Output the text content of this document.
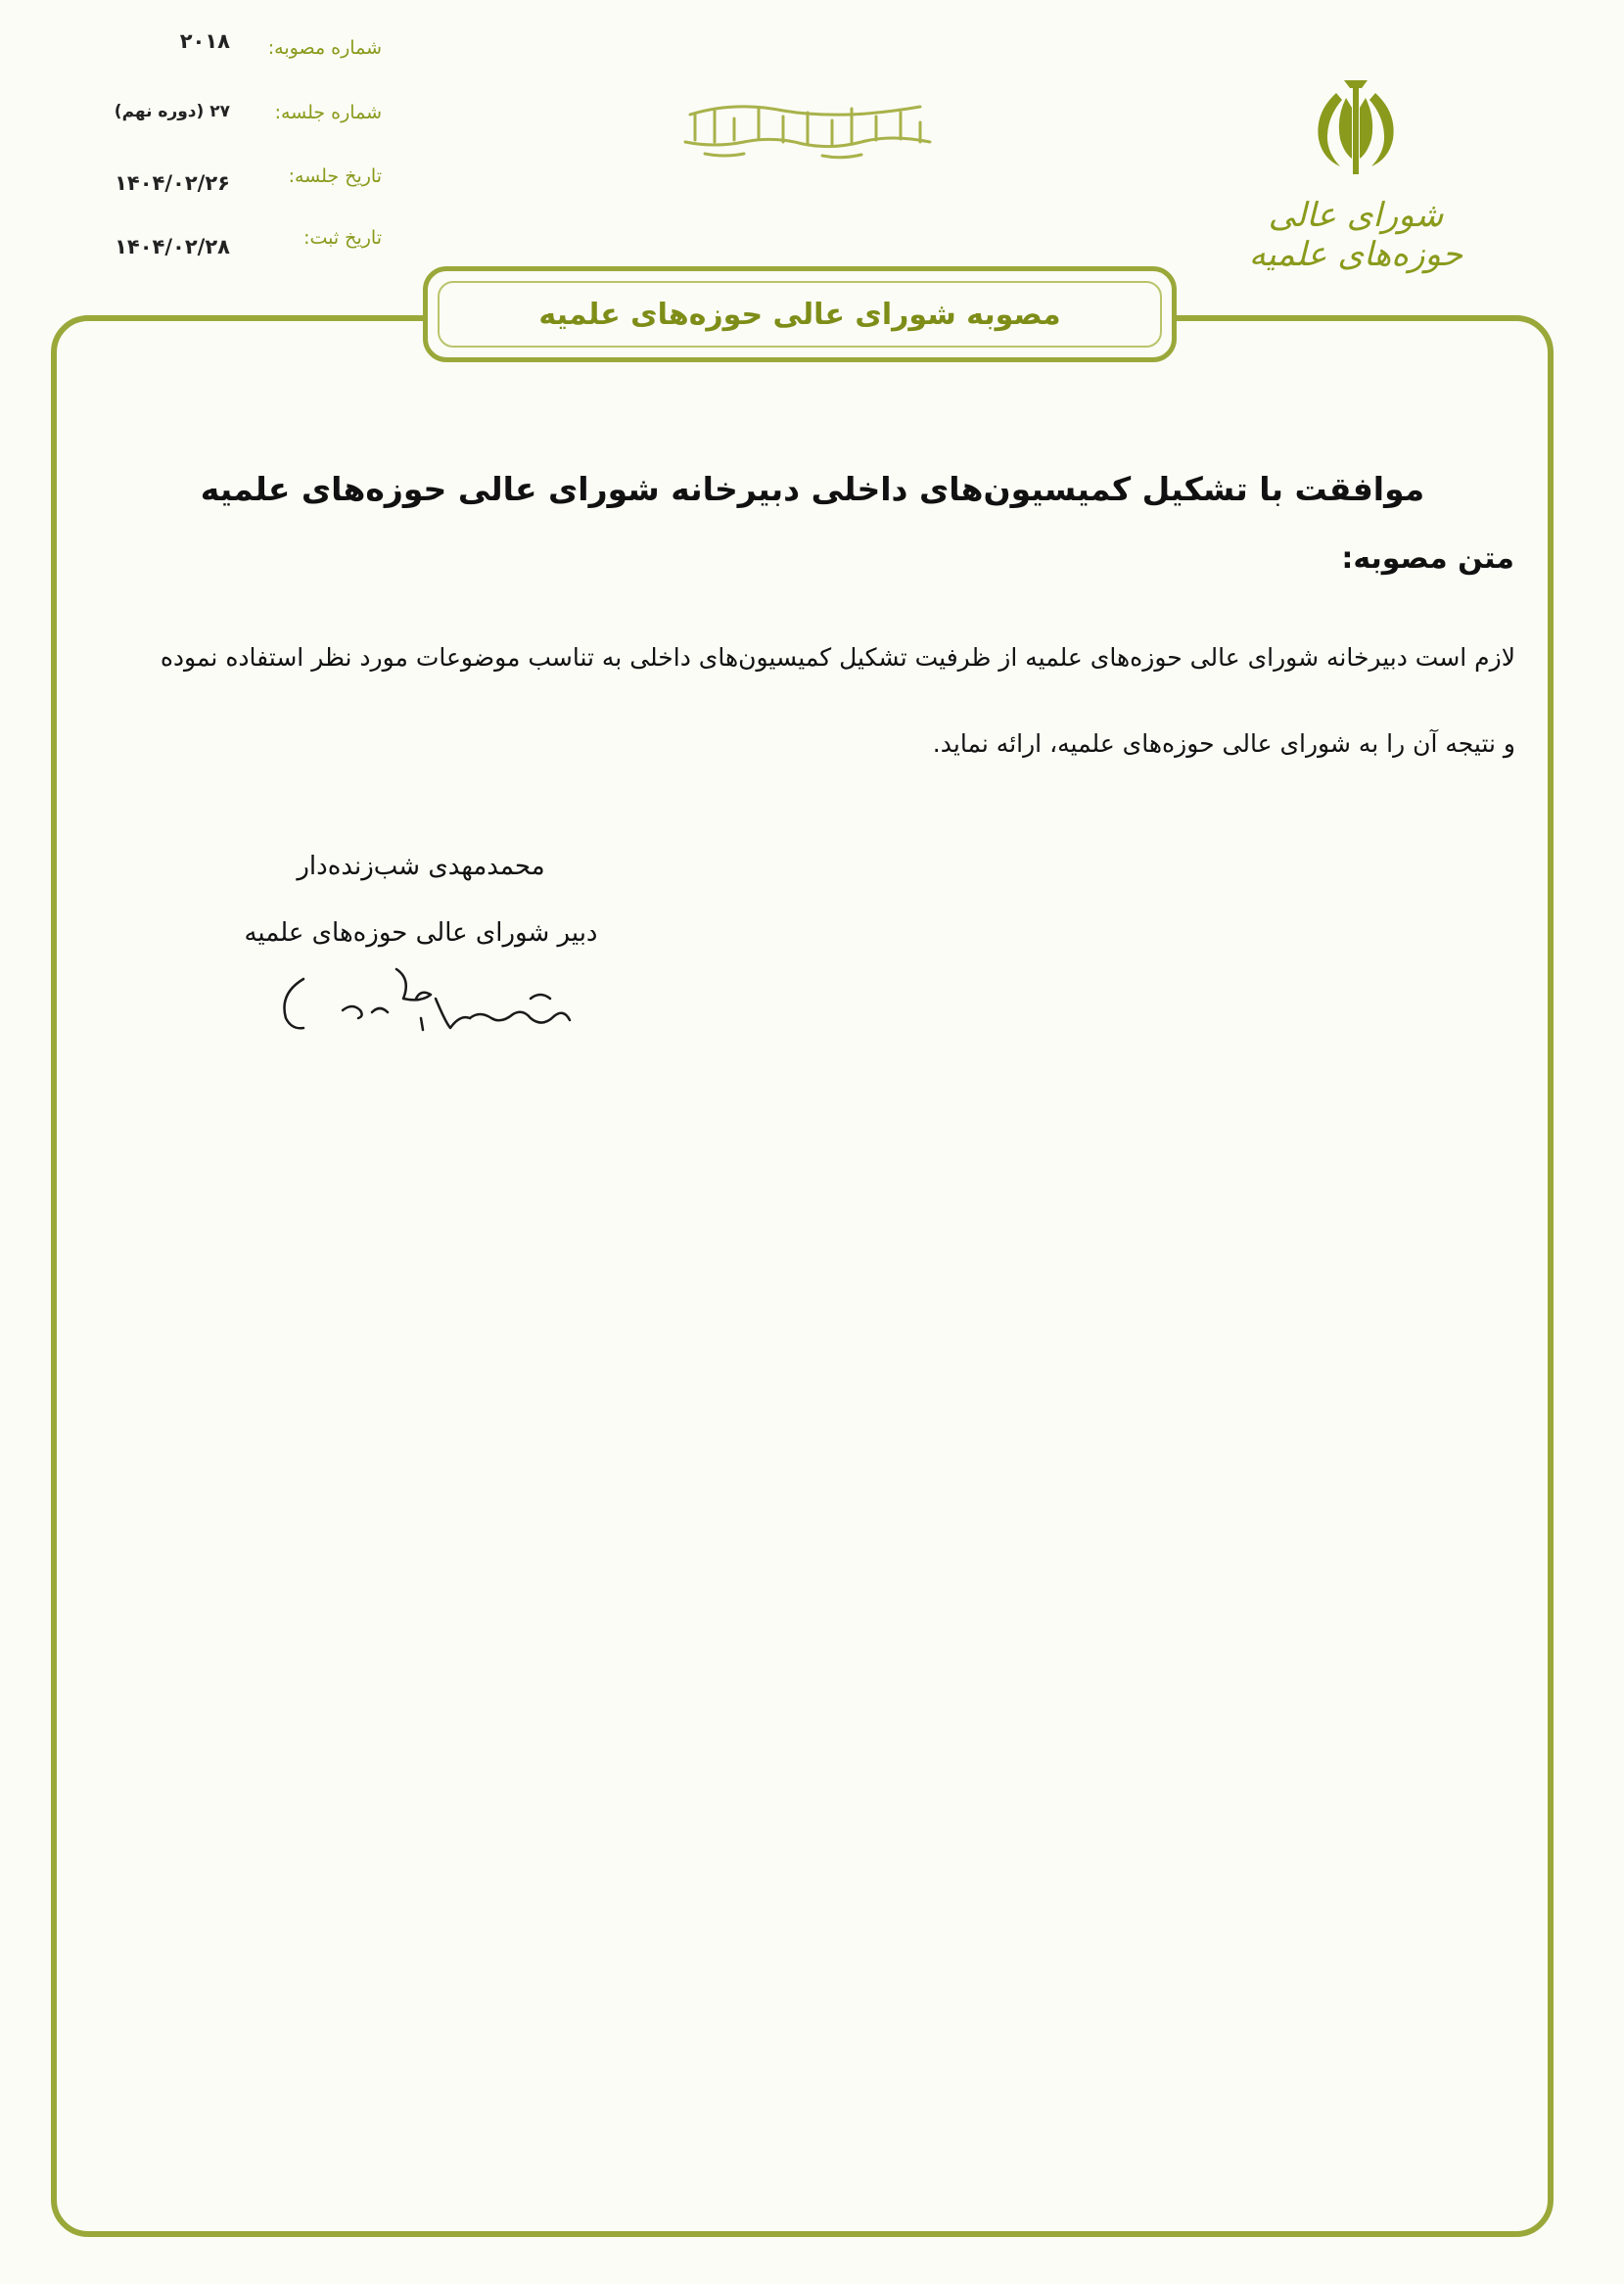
شماره مصوبه:
۲۰۱۸
شماره جلسه:
۲۷ (دوره نهم)
تاریخ جلسه:
۱۴۰۴/۰۲/۲۶
تاریخ ثبت:
۱۴۰۴/۰۲/۲۸
شورای عالی حوزه‌های علمیه
مصوبه شورای عالی حوزه‌های علمیه
موافقت با تشکیل کمیسیون‌های داخلی دبیرخانه شورای عالی حوزه‌های علمیه
متن مصوبه:

لازم است دبیرخانه شورای عالی حوزه‌های علمیه از ظرفیت تشکیل کمیسیون‌های داخلی به تناسب موضوعات مورد نظر استفاده نموده

و نتیجه آن را به شورای عالی حوزه‌های علمیه، ارائه نماید.

محمدمهدی شب‌زنده‌دار
دبیر شورای عالی حوزه‌های علمیه
